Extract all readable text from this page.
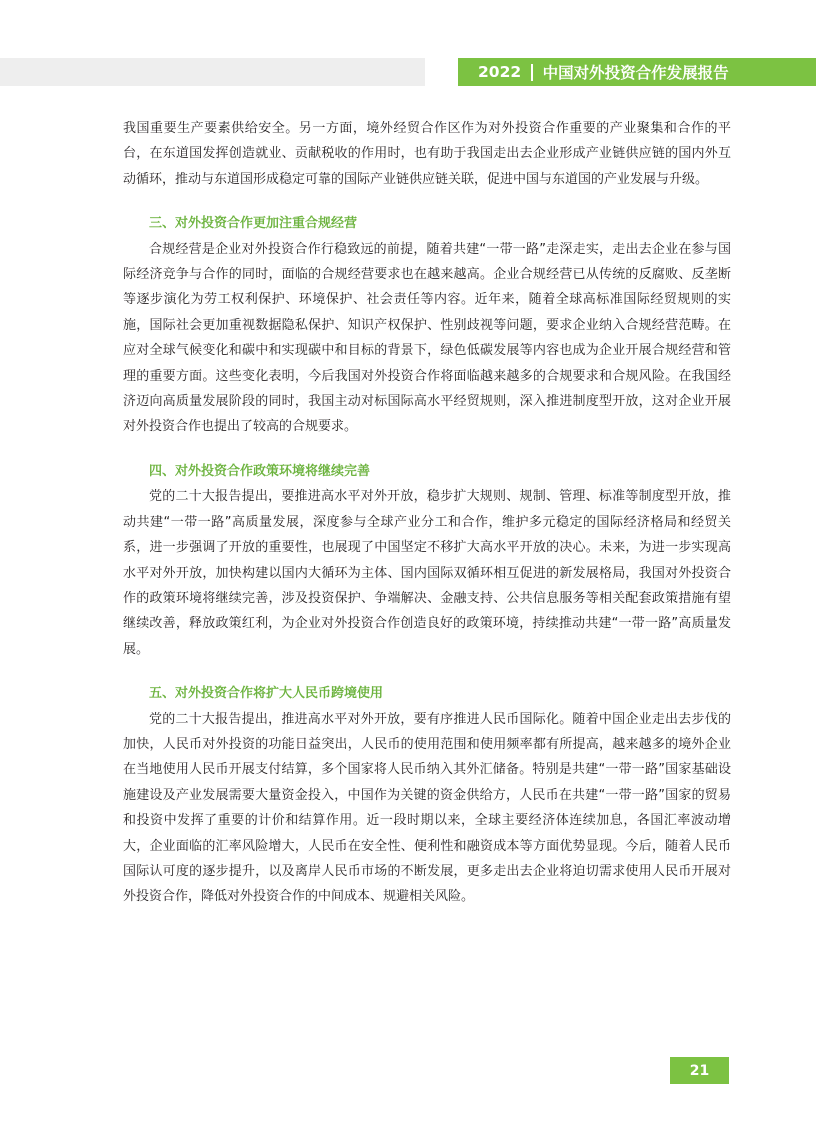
2022 中国对外投资合作发展报告

我国重要生产要素供给安全。另一方面，境外经贸合作区作为对外投资合作重要的产业聚集和合作的平台，在东道国发挥创造就业、贡献税收的作用时，也有助于我国走出去企业形成产业链供应链的国内外互动循环，推动与东道国形成稳定可靠的国际产业链供应链关联，促进中国与东道国的产业发展与升级。

三、对外投资合作更加注重合规经营

合规经营是企业对外投资合作行稳致远的前提，随着共建“一带一路”走深走实，走出去企业在参与国际经济竞争与合作的同时，面临的合规经营要求也在越来越高。企业合规经营已从传统的反腐败、反垄断等逐步演化为劳工权利保护、环境保护、社会责任等内容。近年来，随着全球高标准国际经贸规则的实施，国际社会更加重视数据隐私保护、知识产权保护、性别歧视等问题，要求企业纳入合规经营范畴。在应对全球气候变化和碳中和实现碳中和目标的背景下，绿色低碳发展等内容也成为企业开展合规经营和管理的重要方面。这些变化表明，今后我国对外投资合作将面临越来越多的合规要求和合规风险。在我国经济迈向高质量发展阶段的同时，我国主动对标国际高水平经贸规则，深入推进制度型开放，这对企业开展对外投资合作也提出了较高的合规要求。

四、对外投资合作政策环境将继续完善

党的二十大报告提出，要推进高水平对外开放，稳步扩大规则、规制、管理、标准等制度型开放，推动共建“一带一路”高质量发展，深度参与全球产业分工和合作，维护多元稳定的国际经济格局和经贸关系，进一步强调了开放的重要性，也展现了中国坚定不移扩大高水平开放的决心。未来，为进一步实现高水平对外开放，加快构建以国内大循环为主体、国内国际双循环相互促进的新发展格局，我国对外投资合作的政策环境将继续完善，涉及投资保护、争端解决、金融支持、公共信息服务等相关配套政策措施有望继续改善，释放政策红利，为企业对外投资合作创造良好的政策环境，持续推动共建“一带一路”高质量发展。

五、对外投资合作将扩大人民币跨境使用

党的二十大报告提出，推进高水平对外开放，要有序推进人民币国际化。随着中国企业走出去步伐的加快，人民币对外投资的功能日益突出，人民币的使用范围和使用频率都有所提高，越来越多的境外企业在当地使用人民币开展支付结算，多个国家将人民币纳入其外汇储备。特别是共建“一带一路”国家基础设施建设及产业发展需要大量资金投入，中国作为关键的资金供给方，人民币在共建“一带一路”国家的贸易和投资中发挥了重要的计价和结算作用。近一段时期以来，全球主要经济体连续加息，各国汇率波动增大，企业面临的汇率风险增大，人民币在安全性、便利性和融资成本等方面优势显现。今后，随着人民币国际认可度的逐步提升，以及离岸人民币市场的不断发展，更多走出去企业将迫切需求使用人民币开展对外投资合作，降低对外投资合作的中间成本、规避相关风险。

21
